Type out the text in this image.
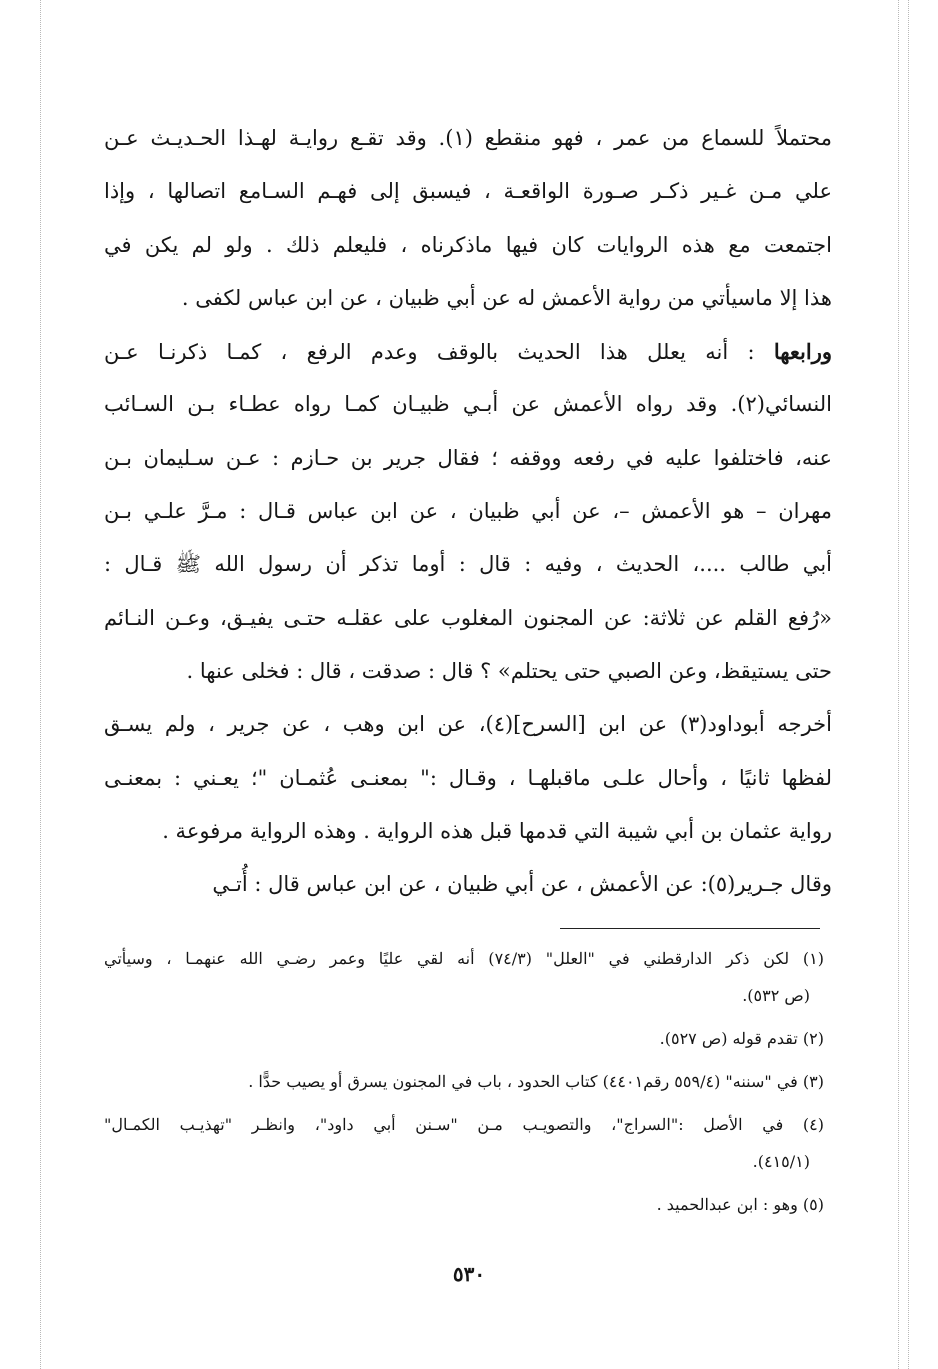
محتملاً للسماع من عمر ، فهو منقطع (١). وقد تقـع روايـة لهـذا الحـديـث عـن
علي مـن غـير ذكـر صـورة الواقعـة ، فيسبق إلى فهـم السـامع اتصالها ، وإذا
اجتمعت مع هذه الروايات كان فيها ماذكرناه ، فليعلم ذلك . ولو لم يكن في
هذا إلا ماسيأتي من رواية الأعمش له عن أبي ظبيان ، عن ابن عباس لكفى .
ورابعها : أنه يعلل هذا الحديث بالوقف وعدم الرفع ، كمـا ذكرنـا عـن
النسائي(٢). وقد رواه الأعمش عن أبـي ظبيـان كمـا رواه عطـاء بـن السـائب
عنه، فاختلفوا عليه في رفعه ووقفه ؛ فقال جرير بن حـازم : عـن سـليمان بـن
مهران – هو الأعمش –، عن أبي ظبيان ، عن ابن عباس قـال : مـرَّ علـي بـن
أبي طالب ....، الحديث ، وفيه : قال : أوما تذكر أن رسول الله ﷺ قـال :
«رُفع القلم عن ثلاثة: عن المجنون المغلوب على عقلـه حتـى يفيـق، وعـن النـائم
حتى يستيقظ، وعن الصبي حتى يحتلم» ؟ قال : صدقت ، قال : فخلى عنها .
أخرجه أبوداود(٣) عن ابن [السرح](٤)، عن ابن وهب ، عن جرير ، ولم يسـق
لفظها ثانيًا ، وأحال علـى ماقبلهـا ، وقـال :" بمعنـى عُثمـان "؛ يعـني : بمعنـى
رواية عثمان بن أبي شيبة التي قدمها قبل هذه الرواية . وهذه الرواية مرفوعة .
وقال جـرير(٥): عن الأعمش ، عن أبي ظبيان ، عن ابن عباس قال : أُتـي
(١) لكن ذكر الدارقطني في "العلل" (٧٤/٣) أنه لقي عليًا وعمر رضـي الله عنهمـا ، وسيأتي
(ص ٥٣٢).
(٢) تقدم قوله (ص ٥٢٧).
(٣) في "سننه" (٥٥٩/٤ رقم٤٤٠١) كتاب الحدود ، باب في المجنون يسرق أو يصيب حدًّا .
(٤) في الأصل :"السراج"، والتصويـب مـن "سـنن أبي داود"، وانظـر "تهذيـب الكمـال"
(٤١٥/١).
(٥) وهو : ابن عبدالحميد .
٥٣٠
